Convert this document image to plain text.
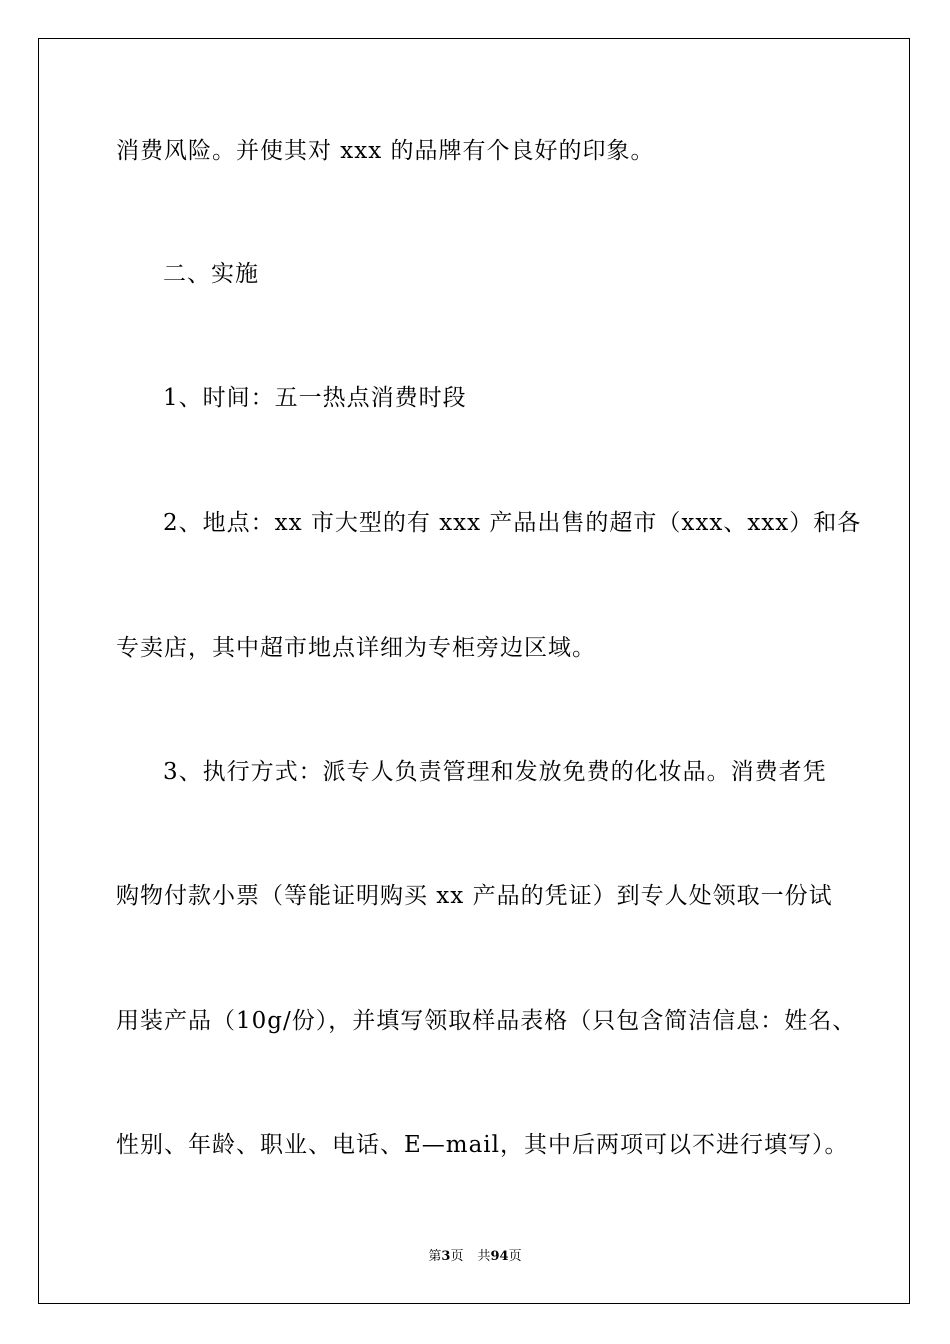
消费风险。并使其对 xxx 的品牌有个良好的印象。
二、实施
1、时间：五一热点消费时段
2、地点：xx 市大型的有 xxx 产品出售的超市（xxx、xxx）和各
专卖店，其中超市地点详细为专柜旁边区域。
3、执行方式：派专人负责管理和发放免费的化妆品。消费者凭
购物付款小票（等能证明购买 xx 产品的凭证）到专人处领取一份试
用装产品（10g/份），并填写领取样品表格（只包含简洁信息：姓名、
性别、年龄、职业、电话、E—mail，其中后两项可以不进行填写）。
第3页 共94页
